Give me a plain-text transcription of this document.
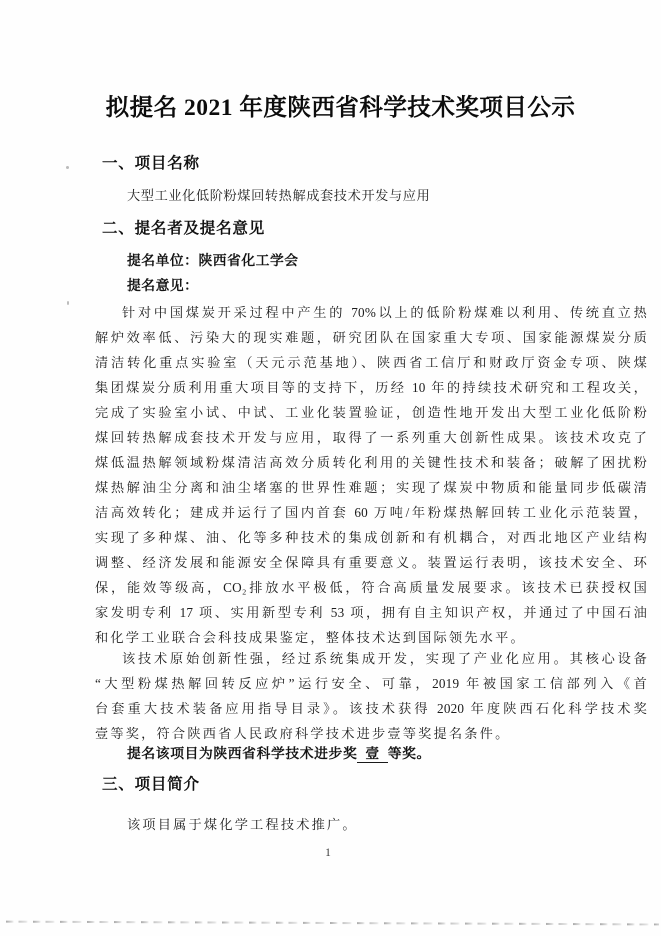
拟提名 2021 年度陕西省科学技术奖项目公示
一、项目名称
大型工业化低阶粉煤回转热解成套技术开发与应用
二、提名者及提名意见
提名单位：陕西省化工学会
提名意见：
针对中国煤炭开采过程中产生的 70%以上的低阶粉煤难以利用、传统直立热
解炉效率低、污染大的现实难题，研究团队在国家重大专项、国家能源煤炭分质
清洁转化重点实验室（天元示范基地）、陕西省工信厅和财政厅资金专项、陕煤
集团煤炭分质利用重大项目等的支持下，历经 10 年的持续技术研究和工程攻关，
完成了实验室小试、中试、工业化装置验证，创造性地开发出大型工业化低阶粉
煤回转热解成套技术开发与应用，取得了一系列重大创新性成果。该技术攻克了
煤低温热解领域粉煤清洁高效分质转化利用的关键性技术和装备；破解了困扰粉
煤热解油尘分离和油尘堵塞的世界性难题；实现了煤炭中物质和能量同步低碳清
洁高效转化；建成并运行了国内首套 60 万吨/年粉煤热解回转工业化示范装置，
实现了多种煤、油、化等多种技术的集成创新和有机耦合，对西北地区产业结构
调整、经济发展和能源安全保障具有重要意义。装置运行表明，该技术安全、环
保，能效等级高，CO₂排放水平极低，符合高质量发展要求。该技术已获授权国
家发明专利 17 项、实用新型专利 53 项，拥有自主知识产权，并通过了中国石油
和化学工业联合会科技成果鉴定，整体技术达到国际领先水平。
该技术原始创新性强，经过系统集成开发，实现了产业化应用。其核心设备
“大型粉煤热解回转反应炉”运行安全、可靠，2019 年被国家工信部列入《首
台套重大技术装备应用指导目录》。该技术获得 2020 年度陕西石化科学技术奖
壹等奖，符合陕西省人民政府科学技术进步壹等奖提名条件。
提名该项目为陕西省科学技术进步奖 壹 等奖。
三、项目简介
该项目属于煤化学工程技术推广。
1
